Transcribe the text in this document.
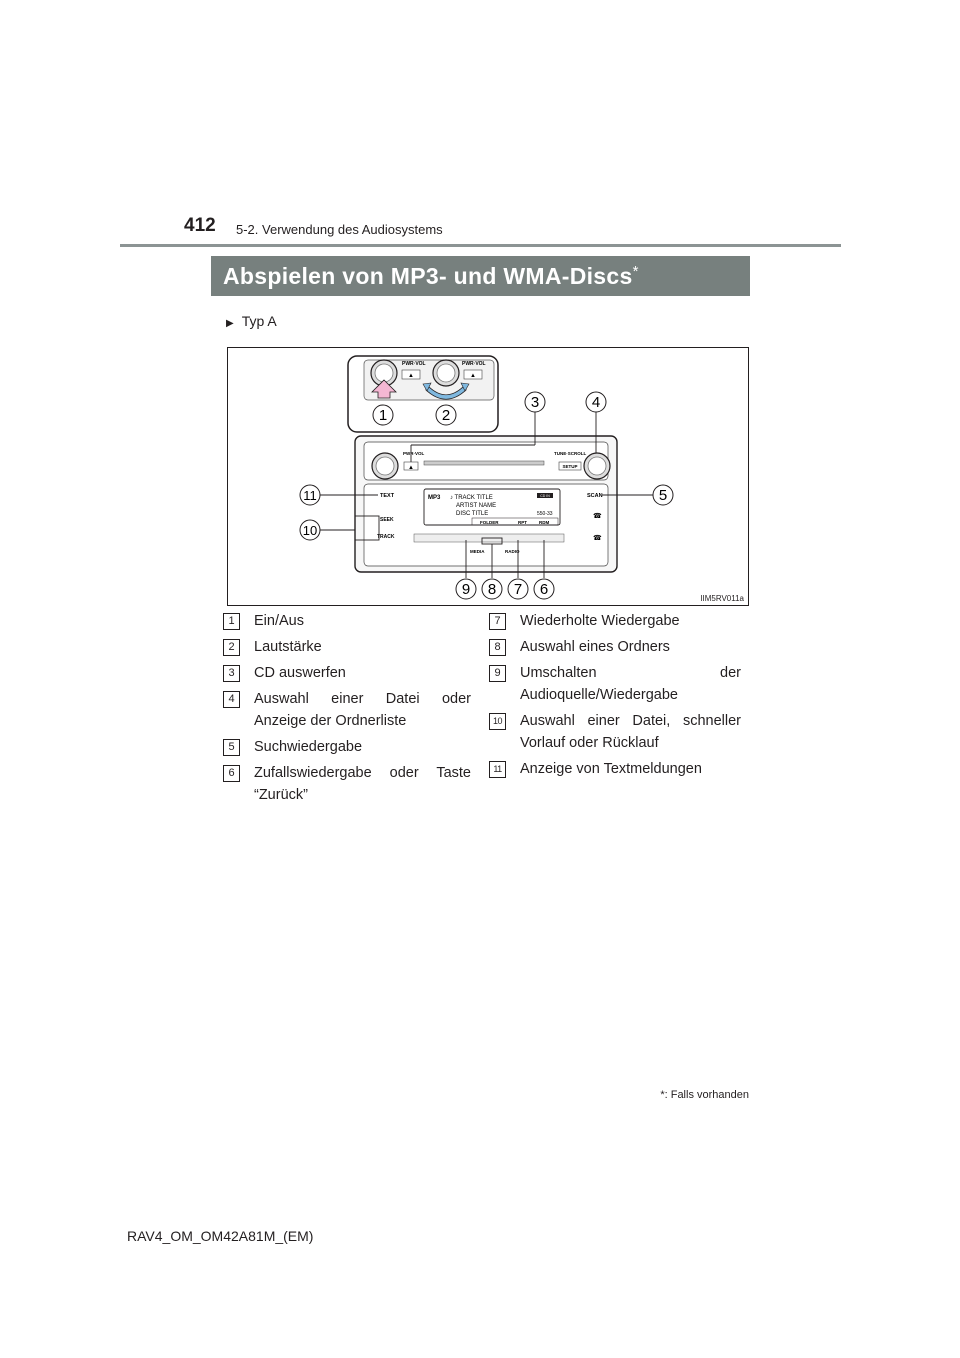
412 5-2. Verwendung des Audiosystems
Abspielen von MP3- und WMA-Discs*
▶ Typ A
▲
PWR·VOL
▲
PWR·VOL
1	2
3	4
▲
PWR·VOL
SETUP
TUNE·SCROLL
TEXT
SEEK
TRACK
SCAN
☎
☎
MP3 ♪ TRACK TITLE
ARTIST NAME
DISC TITLE
CD IN
550-33
FOLDER	RPT	RDM
MEDIA	RADIO
11
10
5
9 8 7 6
IIM5RV011a
1	Ein/Aus
2	Lautstärke
3	CD auswerfen
4	Auswahl einer Datei oder Anzeige der Ordnerliste
5	Suchwiedergabe
6	Zufallswiedergabe oder Taste “Zurück”
7	Wiederholte Wiedergabe
8	Auswahl eines Ordners
9	Umschalten der Audioquelle/Wiedergabe
10 Auswahl einer Datei, schneller Vorlauf oder Rücklauf
11 Anzeige von Textmeldungen
*: Falls vorhanden
RAV4_OM_OM42A81M_(EM)
